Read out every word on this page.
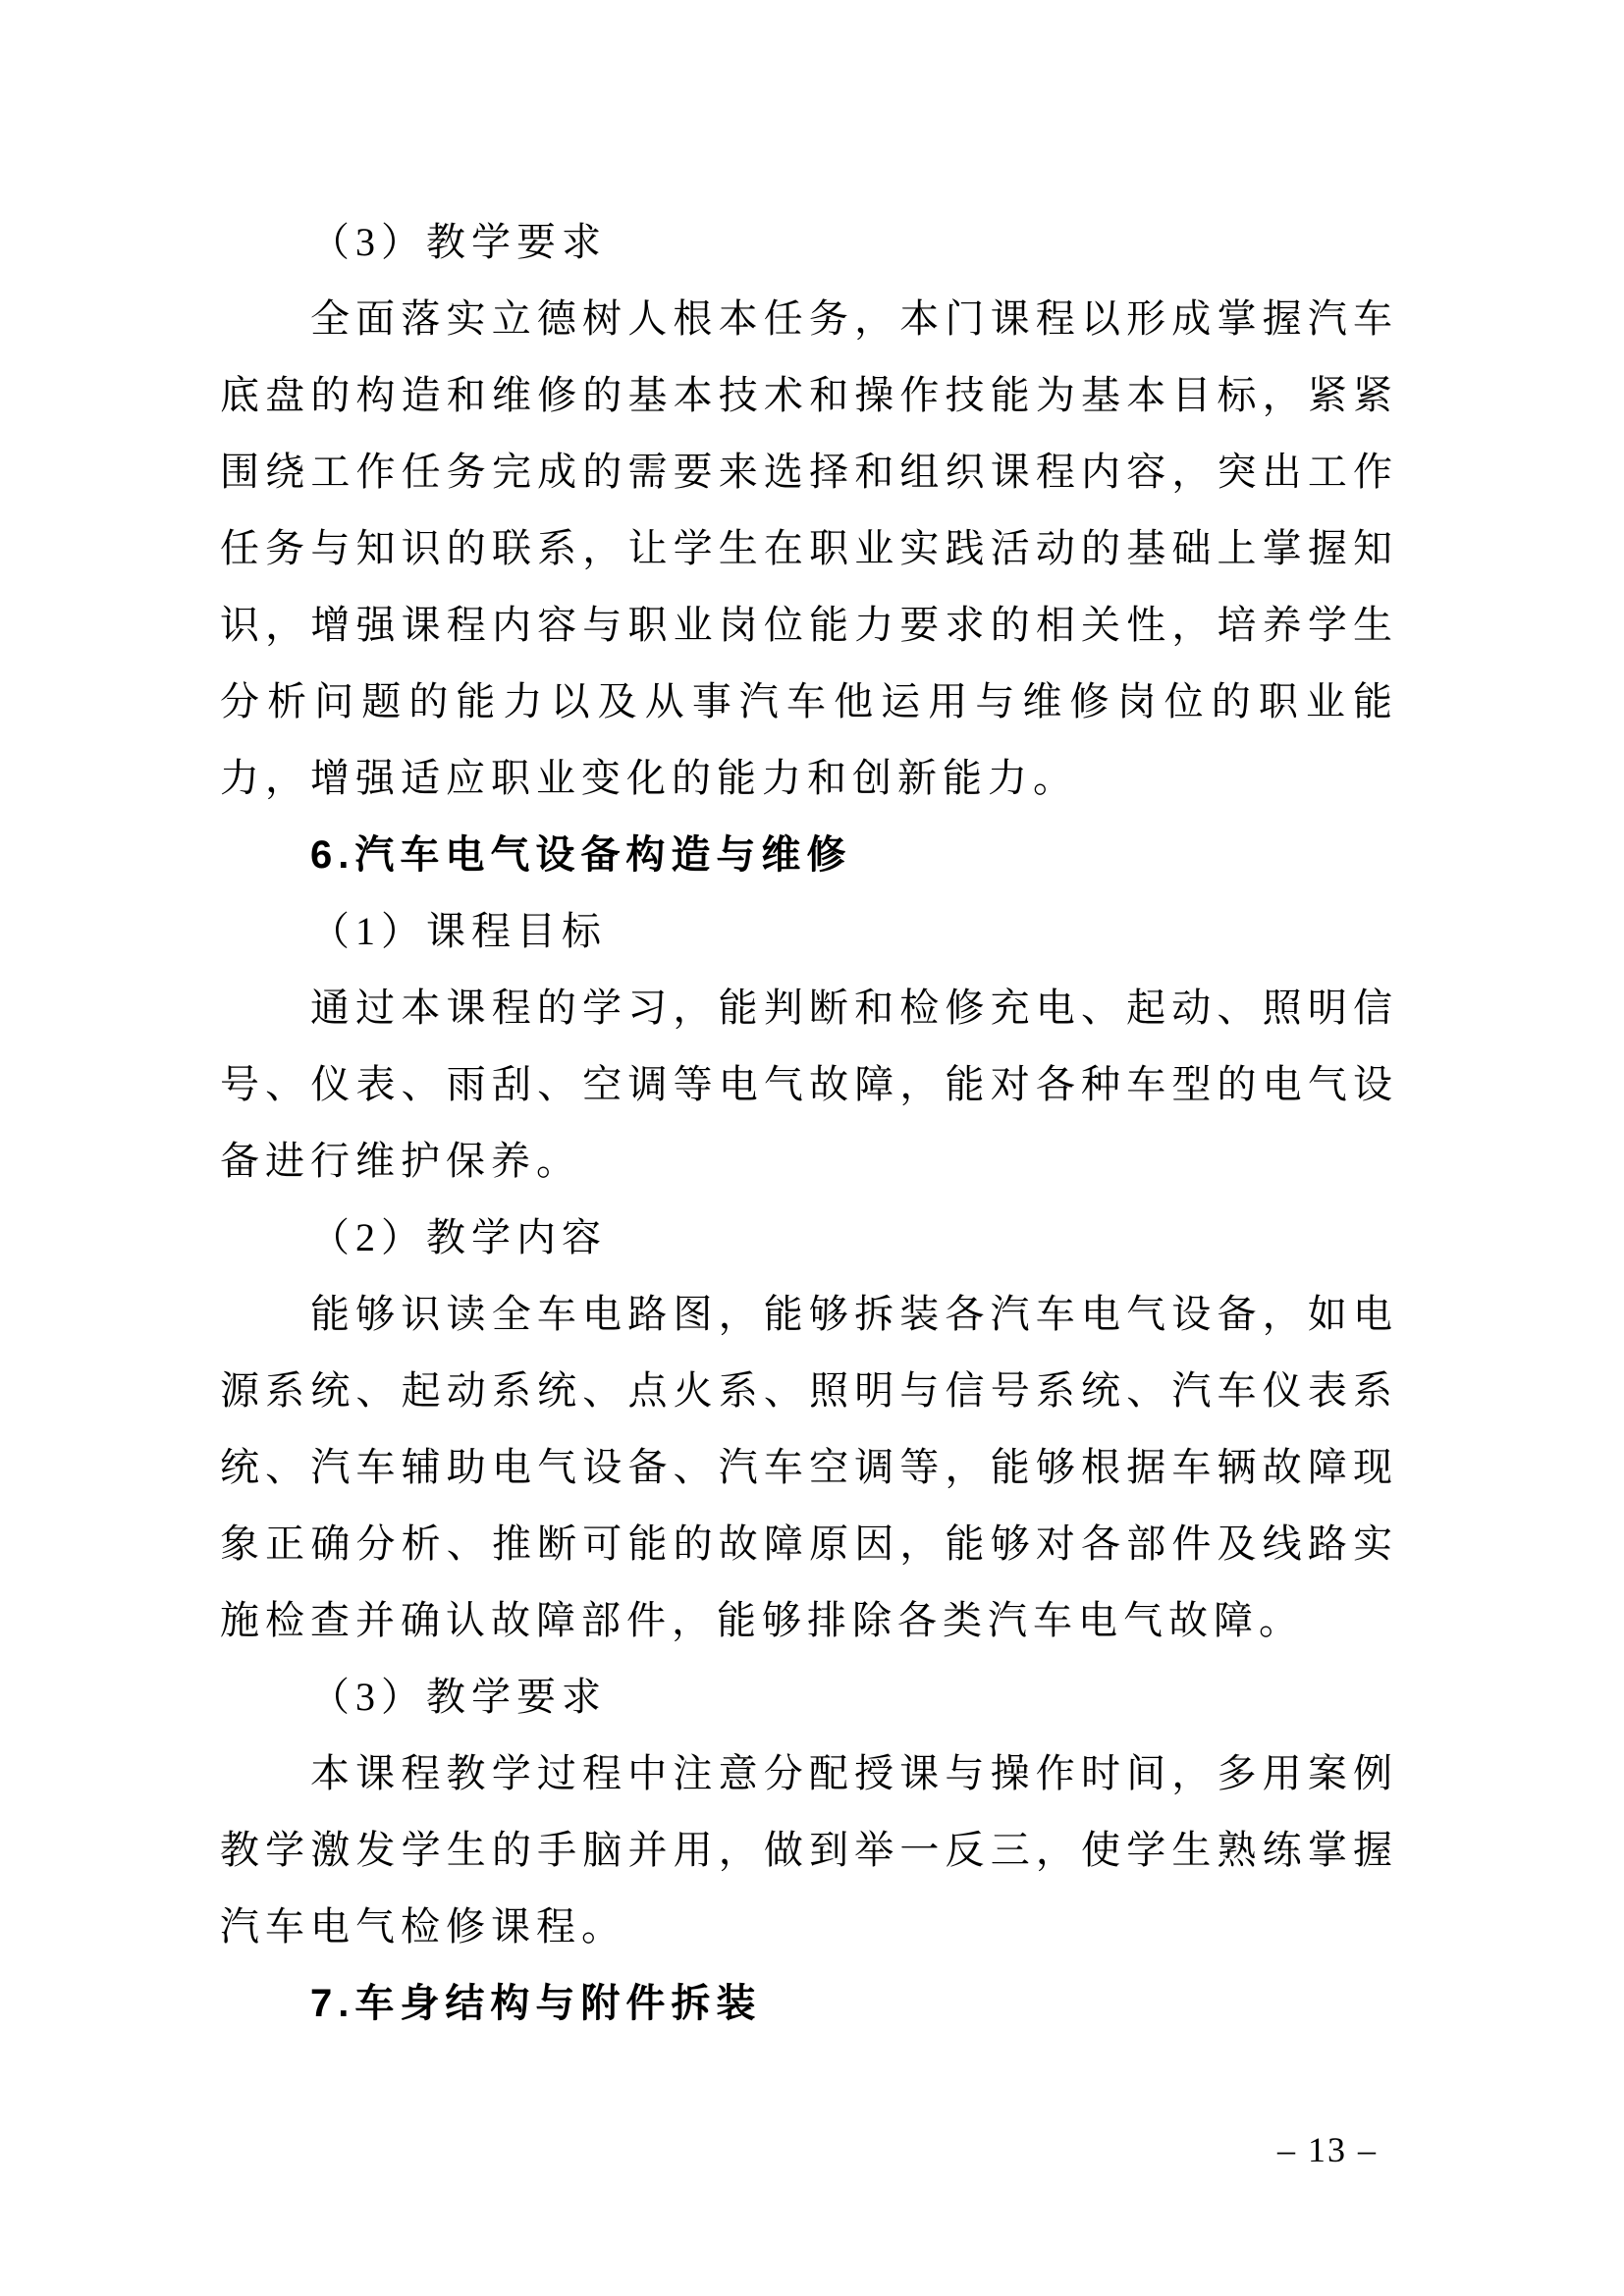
（3）教学要求

全面落实立德树人根本任务，本门课程以形成掌握汽车底盘的构造和维修的基本技术和操作技能为基本目标，紧紧围绕工作任务完成的需要来选择和组织课程内容，突出工作任务与知识的联系，让学生在职业实践活动的基础上掌握知识，增强课程内容与职业岗位能力要求的相关性，培养学生分析问题的能力以及从事汽车他运用与维修岗位的职业能力，增强适应职业变化的能力和创新能力。

6.汽车电气设备构造与维修

（1）课程目标

通过本课程的学习，能判断和检修充电、起动、照明信号、仪表、雨刮、空调等电气故障，能对各种车型的电气设备进行维护保养。

（2）教学内容

能够识读全车电路图，能够拆装各汽车电气设备，如电源系统、起动系统、点火系、照明与信号系统、汽车仪表系统、汽车辅助电气设备、汽车空调等，能够根据车辆故障现象正确分析、推断可能的故障原因，能够对各部件及线路实施检查并确认故障部件，能够排除各类汽车电气故障。

（3）教学要求

本课程教学过程中注意分配授课与操作时间，多用案例教学激发学生的手脑并用，做到举一反三，使学生熟练掌握汽车电气检修课程。

7.车身结构与附件拆装

– 13 –
